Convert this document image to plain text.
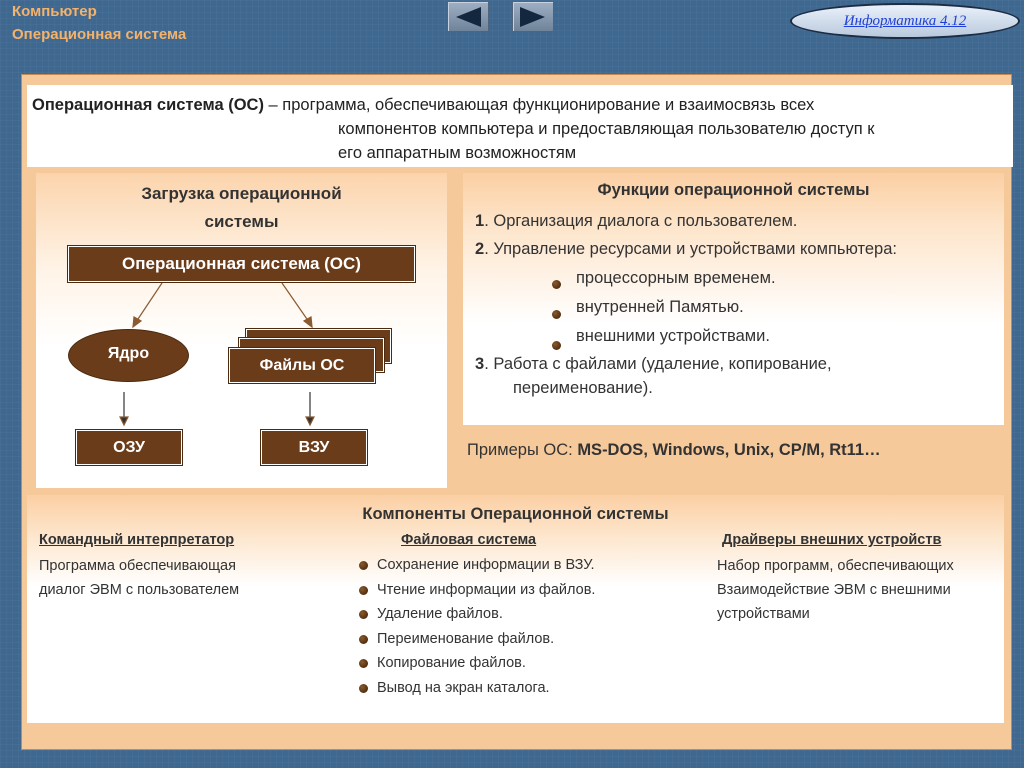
Компьютер
Операционная система
Информатика 4.12
Операционная система (ОС) – программа, обеспечивающая функционирование и взаимосвязь всех
компонентов компьютера и предоставляющая пользователю доступ к
его аппаратным возможностям
Загрузка операционной
системы
Операционная система (ОС)
Ядро
Файлы ОС
ОЗУ	ВЗУ
Функции операционной системы
1. Организация диалога с пользователем.
2. Управление ресурсами и устройствами компьютера:
процессорным временем.
внутренней Памятью.
внешними устройствами.
3. Работа с файлами (удаление, копирование,
переименование).
Примеры ОС: MS-DOS, Windows, Unix, CP/M, Rt11…
Компоненты Операционной системы
Командный интерпретатор
Программа обеспечивающая
диалог ЭВМ с пользователем
Файловая система
Сохранение информации в ВЗУ.
Чтение информации из файлов.
Удаление файлов.
Переименование файлов.
Копирование файлов.
Вывод на экран каталога.
Драйверы внешних устройств
Набор программ, обеспечивающих
Взаимодействие ЭВМ с внешними
устройствами
